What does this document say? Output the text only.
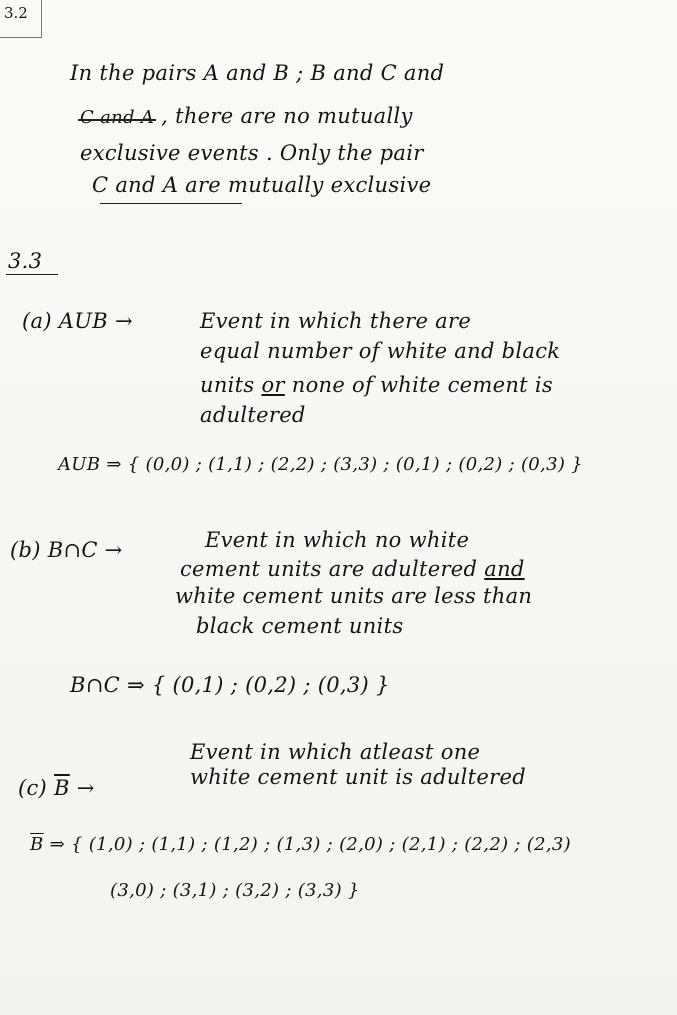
3.2
In the pairs A and B ; B and C and
C and A , there are no mutually
exclusive events . Only the pair
C and A are mutually exclusive
3.3
(a) AUB →	Event in which there are
equal number of white and black
units or none of white cement is
adultered
AUB ⇒ { (0,0) ; (1,1) ; (2,2) ; (3,3) ; (0,1) ; (0,2) ; (0,3) }
(b) B∩C →	Event in which no white
cement units are adultered and
white cement units are less than
black cement units
B∩C ⇒ { (0,1) ; (0,2) ; (0,3) }
(c) $\overline{B}$ →
Event in which atleast one
white cement unit is adultered
$\overline{B}$ ⇒ { (1,0) ; (1,1) ; (1,2) ; (1,3) ; (2,0) ; (2,1) ; (2,2) ; (2,3)
(3,0) ; (3,1) ; (3,2) ; (3,3) }
